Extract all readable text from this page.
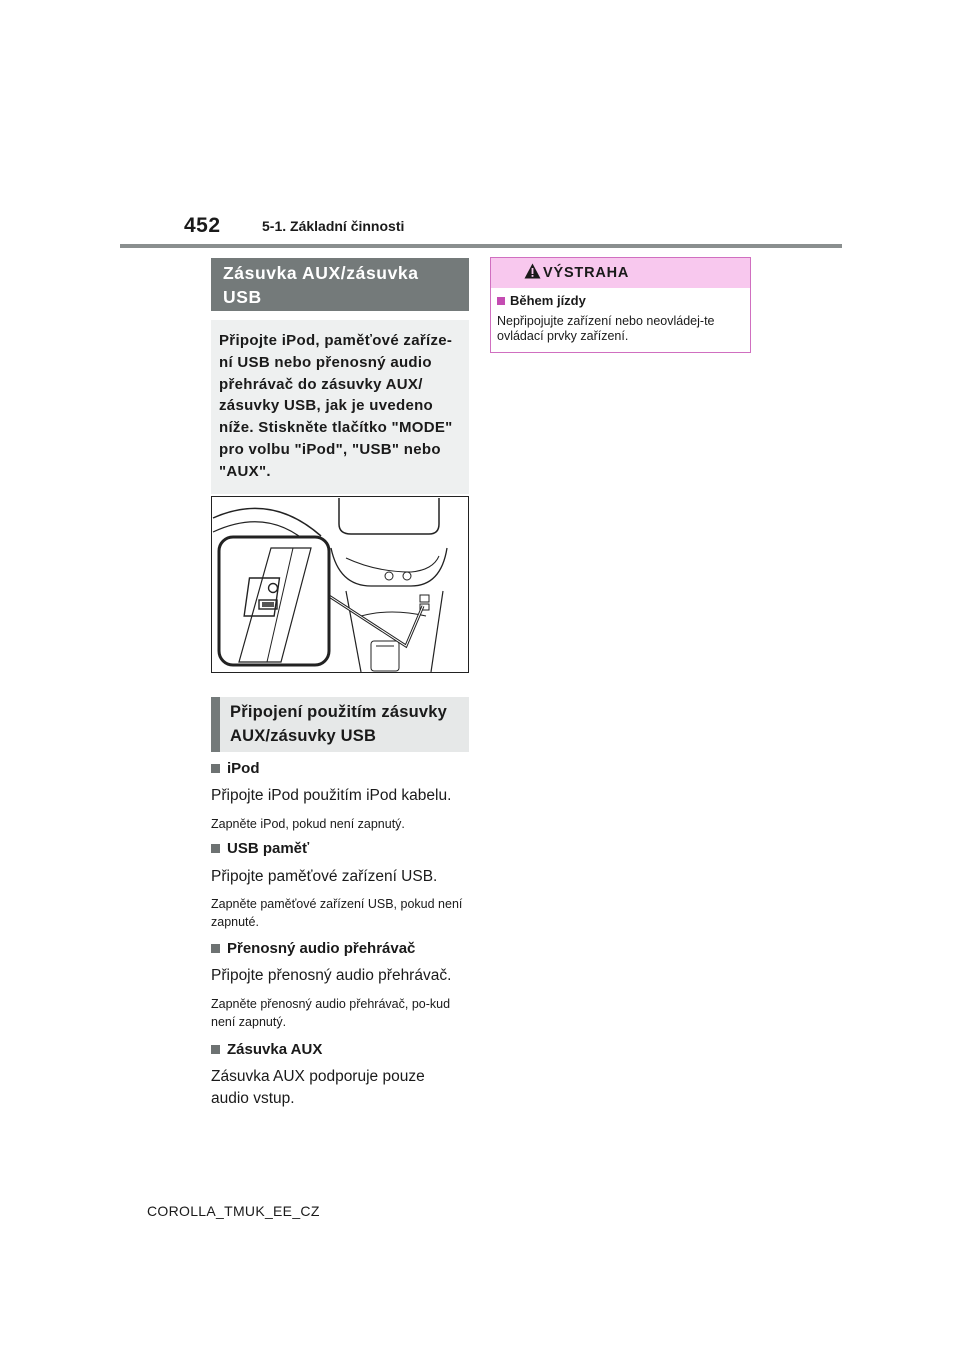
452	5-1. Základní činnosti
Zásuvka AUX/zásuvka USB
Připojte iPod, paměťové zaříze-ní USB nebo přenosný audio přehrávač do zásuvky AUX/ zásuvky USB, jak je uvedeno níže. Stiskněte tlačítko "MODE" pro volbu "iPod", "USB" nebo "AUX".
Připojení použitím zásuvky AUX/zásuvky USB
iPod
Připojte iPod použitím iPod kabelu.
Zapněte iPod, pokud není zapnutý.
USB paměť
Připojte paměťové zařízení USB.
Zapněte paměťové zařízení USB, pokud není zapnuté.
Přenosný audio přehrávač
Připojte přenosný audio přehrávač.
Zapněte přenosný audio přehrávač, po-kud není zapnutý.
Zásuvka AUX
Zásuvka AUX podporuje pouze audio vstup.
VÝSTRAHA
Během jízdy
Nepřipojujte zařízení nebo neovládej-te ovládací prvky zařízení.
COROLLA_TMUK_EE_CZ
